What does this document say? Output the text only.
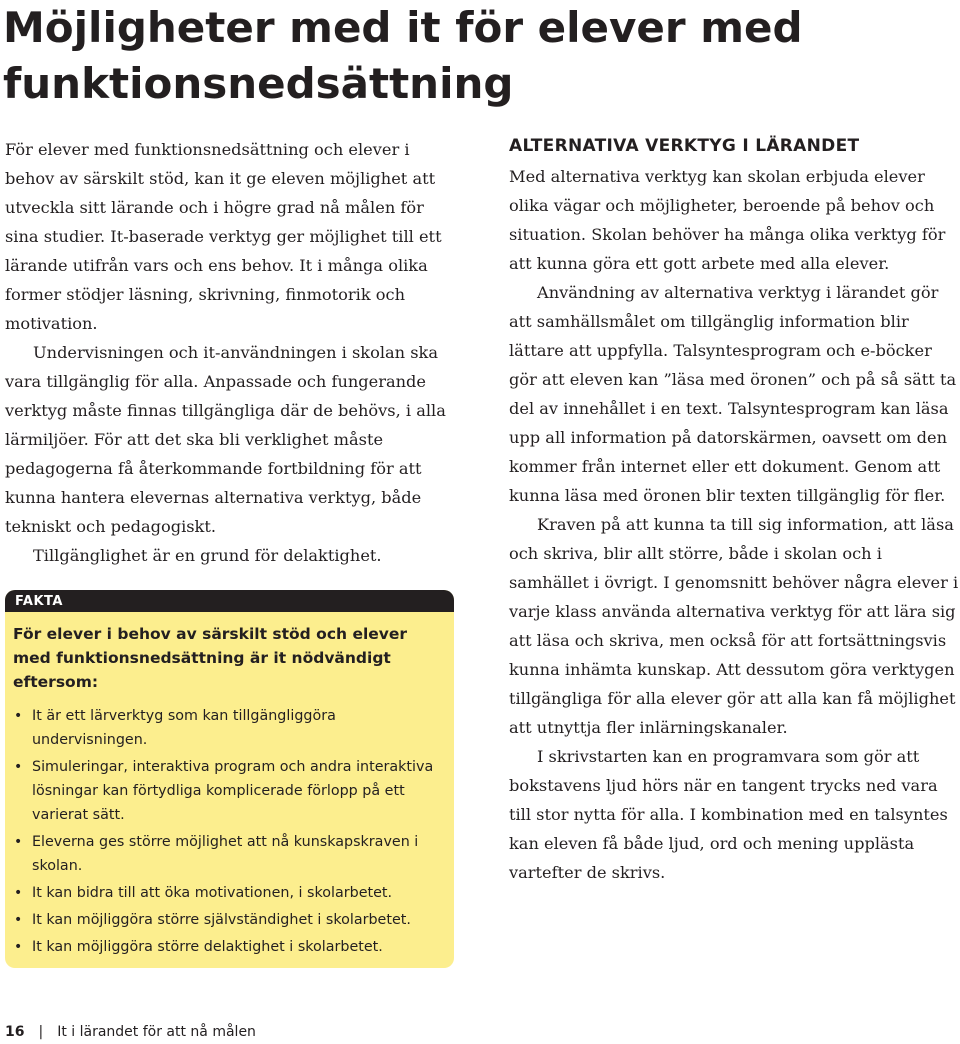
Möjligheter med it för elever med funktionsnedsättning

För elever med funktionsnedsättning och elever i behov av särskilt stöd, kan it ge eleven möjlighet att utveckla sitt lärande och i högre grad nå målen för sina studier. It-baserade verktyg ger möjlighet till ett lärande utifrån vars och ens behov. It i många olika former stödjer läsning, skrivning, finmotorik och motivation.

Undervisningen och it-användningen i skolan ska vara tillgänglig för alla. Anpassade och fungerande verktyg måste finnas tillgängliga där de behövs, i alla lärmiljöer. För att det ska bli verklighet måste pedagogerna få återkommande fortbildning för att kunna hantera elevernas alternativa verktyg, både tekniskt och pedagogiskt.

Tillgänglighet är en grund för delaktighet.

FAKTA
För elever i behov av särskilt stöd och elever med funktionsnedsättning är it nödvändigt eftersom:
• It är ett lärverktyg som kan tillgängliggöra undervisningen.
• Simuleringar, interaktiva program och andra interaktiva lösningar kan förtydliga komplicerade förlopp på ett varierat sätt.
• Eleverna ges större möjlighet att nå kunskapskraven i skolan.
• It kan bidra till att öka motivationen, i skolarbetet.
• It kan möjliggöra större självständighet i skolarbetet.
• It kan möjliggöra större delaktighet i skolarbetet.
ALTERNATIVA VERKTYG I LÄRANDET

Med alternativa verktyg kan skolan erbjuda elever olika vägar och möjligheter, beroende på behov och situation. Skolan behöver ha många olika verktyg för att kunna göra ett gott arbete med alla elever.

Användning av alternativa verktyg i lärandet gör att samhällsmålet om tillgänglig information blir lättare att uppfylla. Talsyntesprogram och e-böcker gör att eleven kan ”läsa med öronen” och på så sätt ta del av innehållet i en text. Talsyntesprogram kan läsa upp all information på datorskärmen, oavsett om den kommer från internet eller ett dokument. Genom att kunna läsa med öronen blir texten tillgänglig för fler.

Kraven på att kunna ta till sig information, att läsa och skriva, blir allt större, både i skolan och i samhället i övrigt. I genomsnitt behöver några elever i varje klass använda alternativa verktyg för att lära sig att läsa och skriva, men också för att fortsättningsvis kunna inhämta kunskap. Att dessutom göra verktygen tillgängliga för alla elever gör att alla kan få möjlighet att utnyttja fler inlärningskanaler.

I skrivstarten kan en programvara som gör att bokstavens ljud hörs när en tangent trycks ned vara till stor nytta för alla. I kombination med en talsyntes kan eleven få både ljud, ord och mening upplästa vartefter de skrivs.

16 | It i lärandet för att nå målen
